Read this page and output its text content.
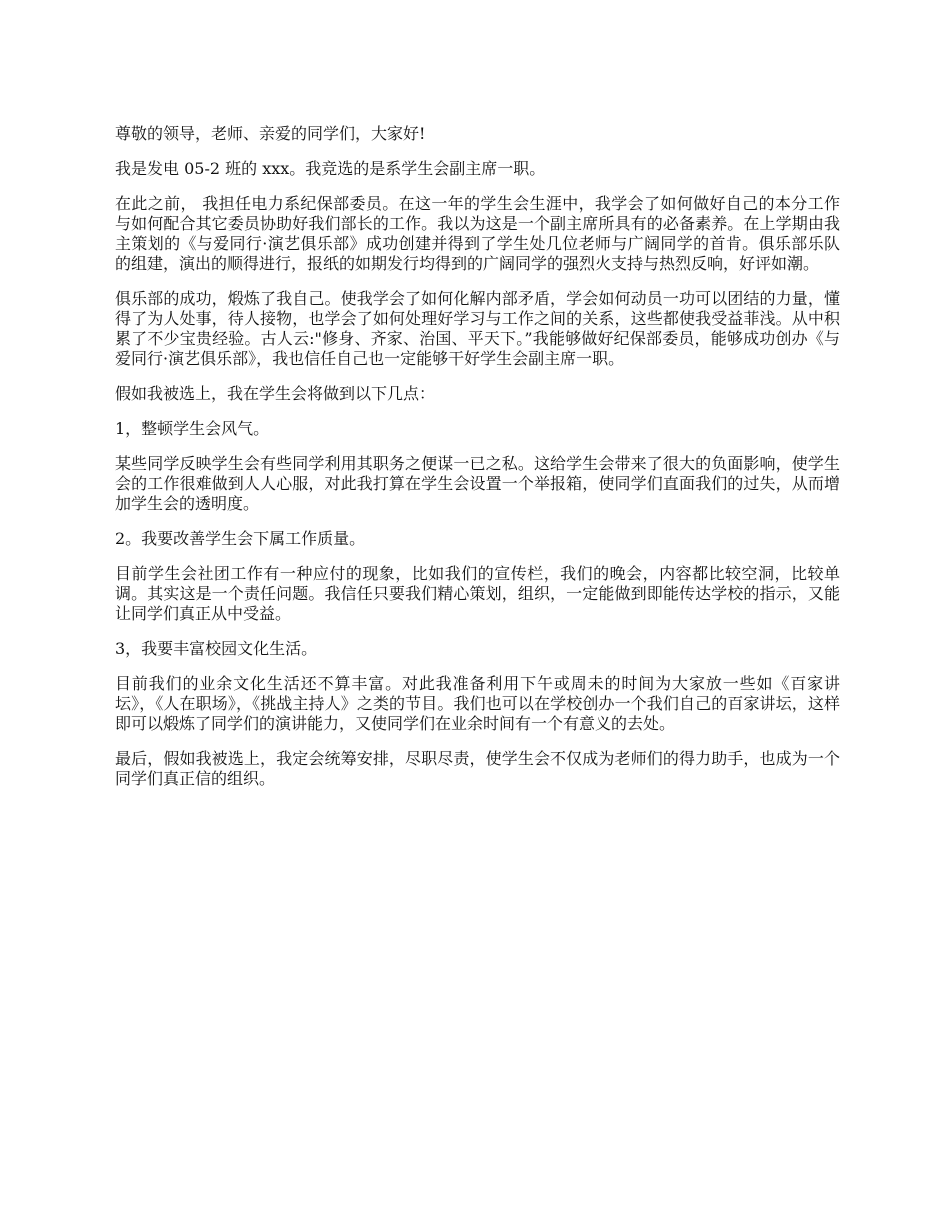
尊敬的领导，老师、亲爱的同学们，大家好!

我是发电 05-2 班的 xxx。我竞选的是系学生会副主席一职。

在此之前， 我担任电力系纪保部委员。在这一年的学生会生涯中，我学会了如何做好自己的本分工作与如何配合其它委员协助好我们部长的工作。我以为这是一个副主席所具有的必备素养。在上学期由我主策划的《与爱同行·演艺俱乐部》成功创建并得到了学生处几位老师与广阔同学的首肯。俱乐部乐队的组建，演出的顺得进行，报纸的如期发行均得到的广阔同学的强烈火支持与热烈反响，好评如潮。

俱乐部的成功，煅炼了我自己。使我学会了如何化解内部矛盾，学会如何动员一功可以团结的力量，懂得了为人处事，待人接物，也学会了如何处理好学习与工作之间的关系，这些都使我受益菲浅。从中积累了不少宝贵经验。古人云:"修身、齐家、治国、平天下。”我能够做好纪保部委员，能够成功创办《与爱同行·演艺俱乐部》，我也信任自己也一定能够干好学生会副主席一职。

假如我被选上，我在学生会将做到以下几点：

1，整顿学生会风气。

某些同学反映学生会有些同学利用其职务之便谋一已之私。这给学生会带来了很大的负面影响，使学生会的工作很难做到人人心服，对此我打算在学生会设置一个举报箱，使同学们直面我们的过失，从而增加学生会的透明度。

2。我要改善学生会下属工作质量。

目前学生会社团工作有一种应付的现象，比如我们的宣传栏，我们的晚会，内容都比较空洞，比较单调。其实这是一个责任问题。我信任只要我们精心策划，组织，一定能做到即能传达学校的指示，又能让同学们真正从中受益。

3，我要丰富校园文化生活。

目前我们的业余文化生活还不算丰富。对此我准备利用下午或周未的时间为大家放一些如《百家讲坛》，《人在职场》，《挑战主持人》之类的节目。我们也可以在学校创办一个我们自己的百家讲坛，这样即可以煅炼了同学们的演讲能力，又使同学们在业余时间有一个有意义的去处。

最后，假如我被选上，我定会统筹安排，尽职尽责，使学生会不仅成为老师们的得力助手，也成为一个同学们真正信的组织。
